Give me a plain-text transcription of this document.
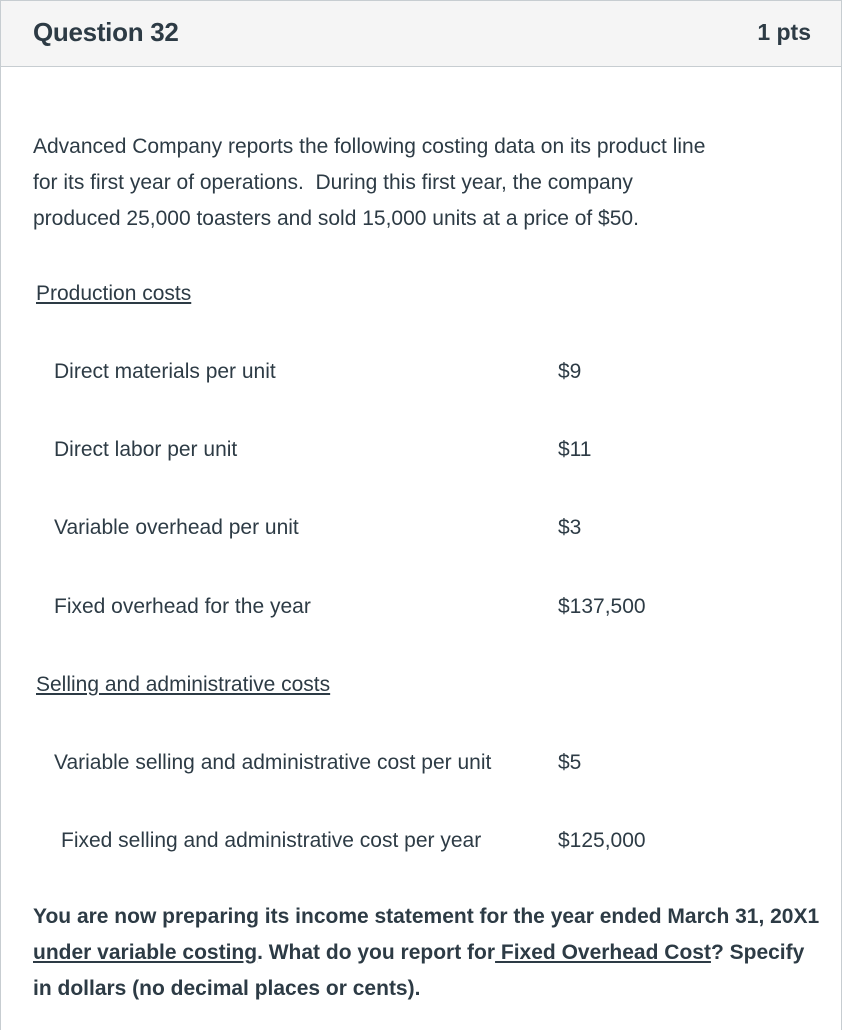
Question 32	1 pts
Advanced Company reports the following costing data on its product line
for its first year of operations.  During this first year, the company
produced 25,000 toasters and sold 15,000 units at a price of $50.
Production costs
Direct materials per unit	$9
Direct labor per unit	$11
Variable overhead per unit	$3
Fixed overhead for the year	$137,500
Selling and administrative costs
Variable selling and administrative cost per unit	$5
Fixed selling and administrative cost per year	$125,000
You are now preparing its income statement for the year ended March 31, 20X1 under variable costing. What do you report for Fixed Overhead Cost? Specify in dollars (no decimal places or cents).
